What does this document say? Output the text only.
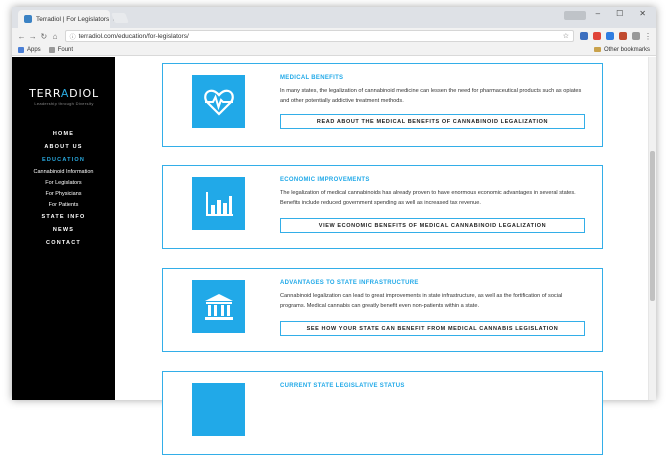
Terradiol | For Legislators
– ☐ ✕
← → ↻ ⌂	ⓘ terradiol.com/education/for-legislators/	☆	⋮
Apps	Fount	Other bookmarks
TERRADIOL
Leadership through Diversity
HOME
ABOUT US
EDUCATION
Cannabinoid Information
For Legislators
For Physicians
For Patients
STATE INFO
NEWS
CONTACT
MEDICAL BENEFITS
In many states, the legalization of cannabinoid medicine can lessen the need for pharmaceutical products such as opiates and other potentially addictive treatment methods.
READ ABOUT THE MEDICAL BENEFITS OF CANNABINOID LEGALIZATION
ECONOMIC IMPROVEMENTS
The legalization of medical cannabinoids has already proven to have enormous economic advantages in several states. Benefits include reduced government spending as well as increased tax revenue.
VIEW ECONOMIC BENEFITS OF MEDICAL CANNABINOID LEGALIZATION
ADVANTAGES TO STATE INFRASTRUCTURE
Cannabinoid legalization can lead to great improvements in state infrastructure, as well as the fortification of social programs. Medical cannabis can greatly benefit even non-patients within a state.
SEE HOW YOUR STATE CAN BENEFIT FROM MEDICAL CANNABIS LEGISLATION
CURRENT STATE LEGISLATIVE STATUS
